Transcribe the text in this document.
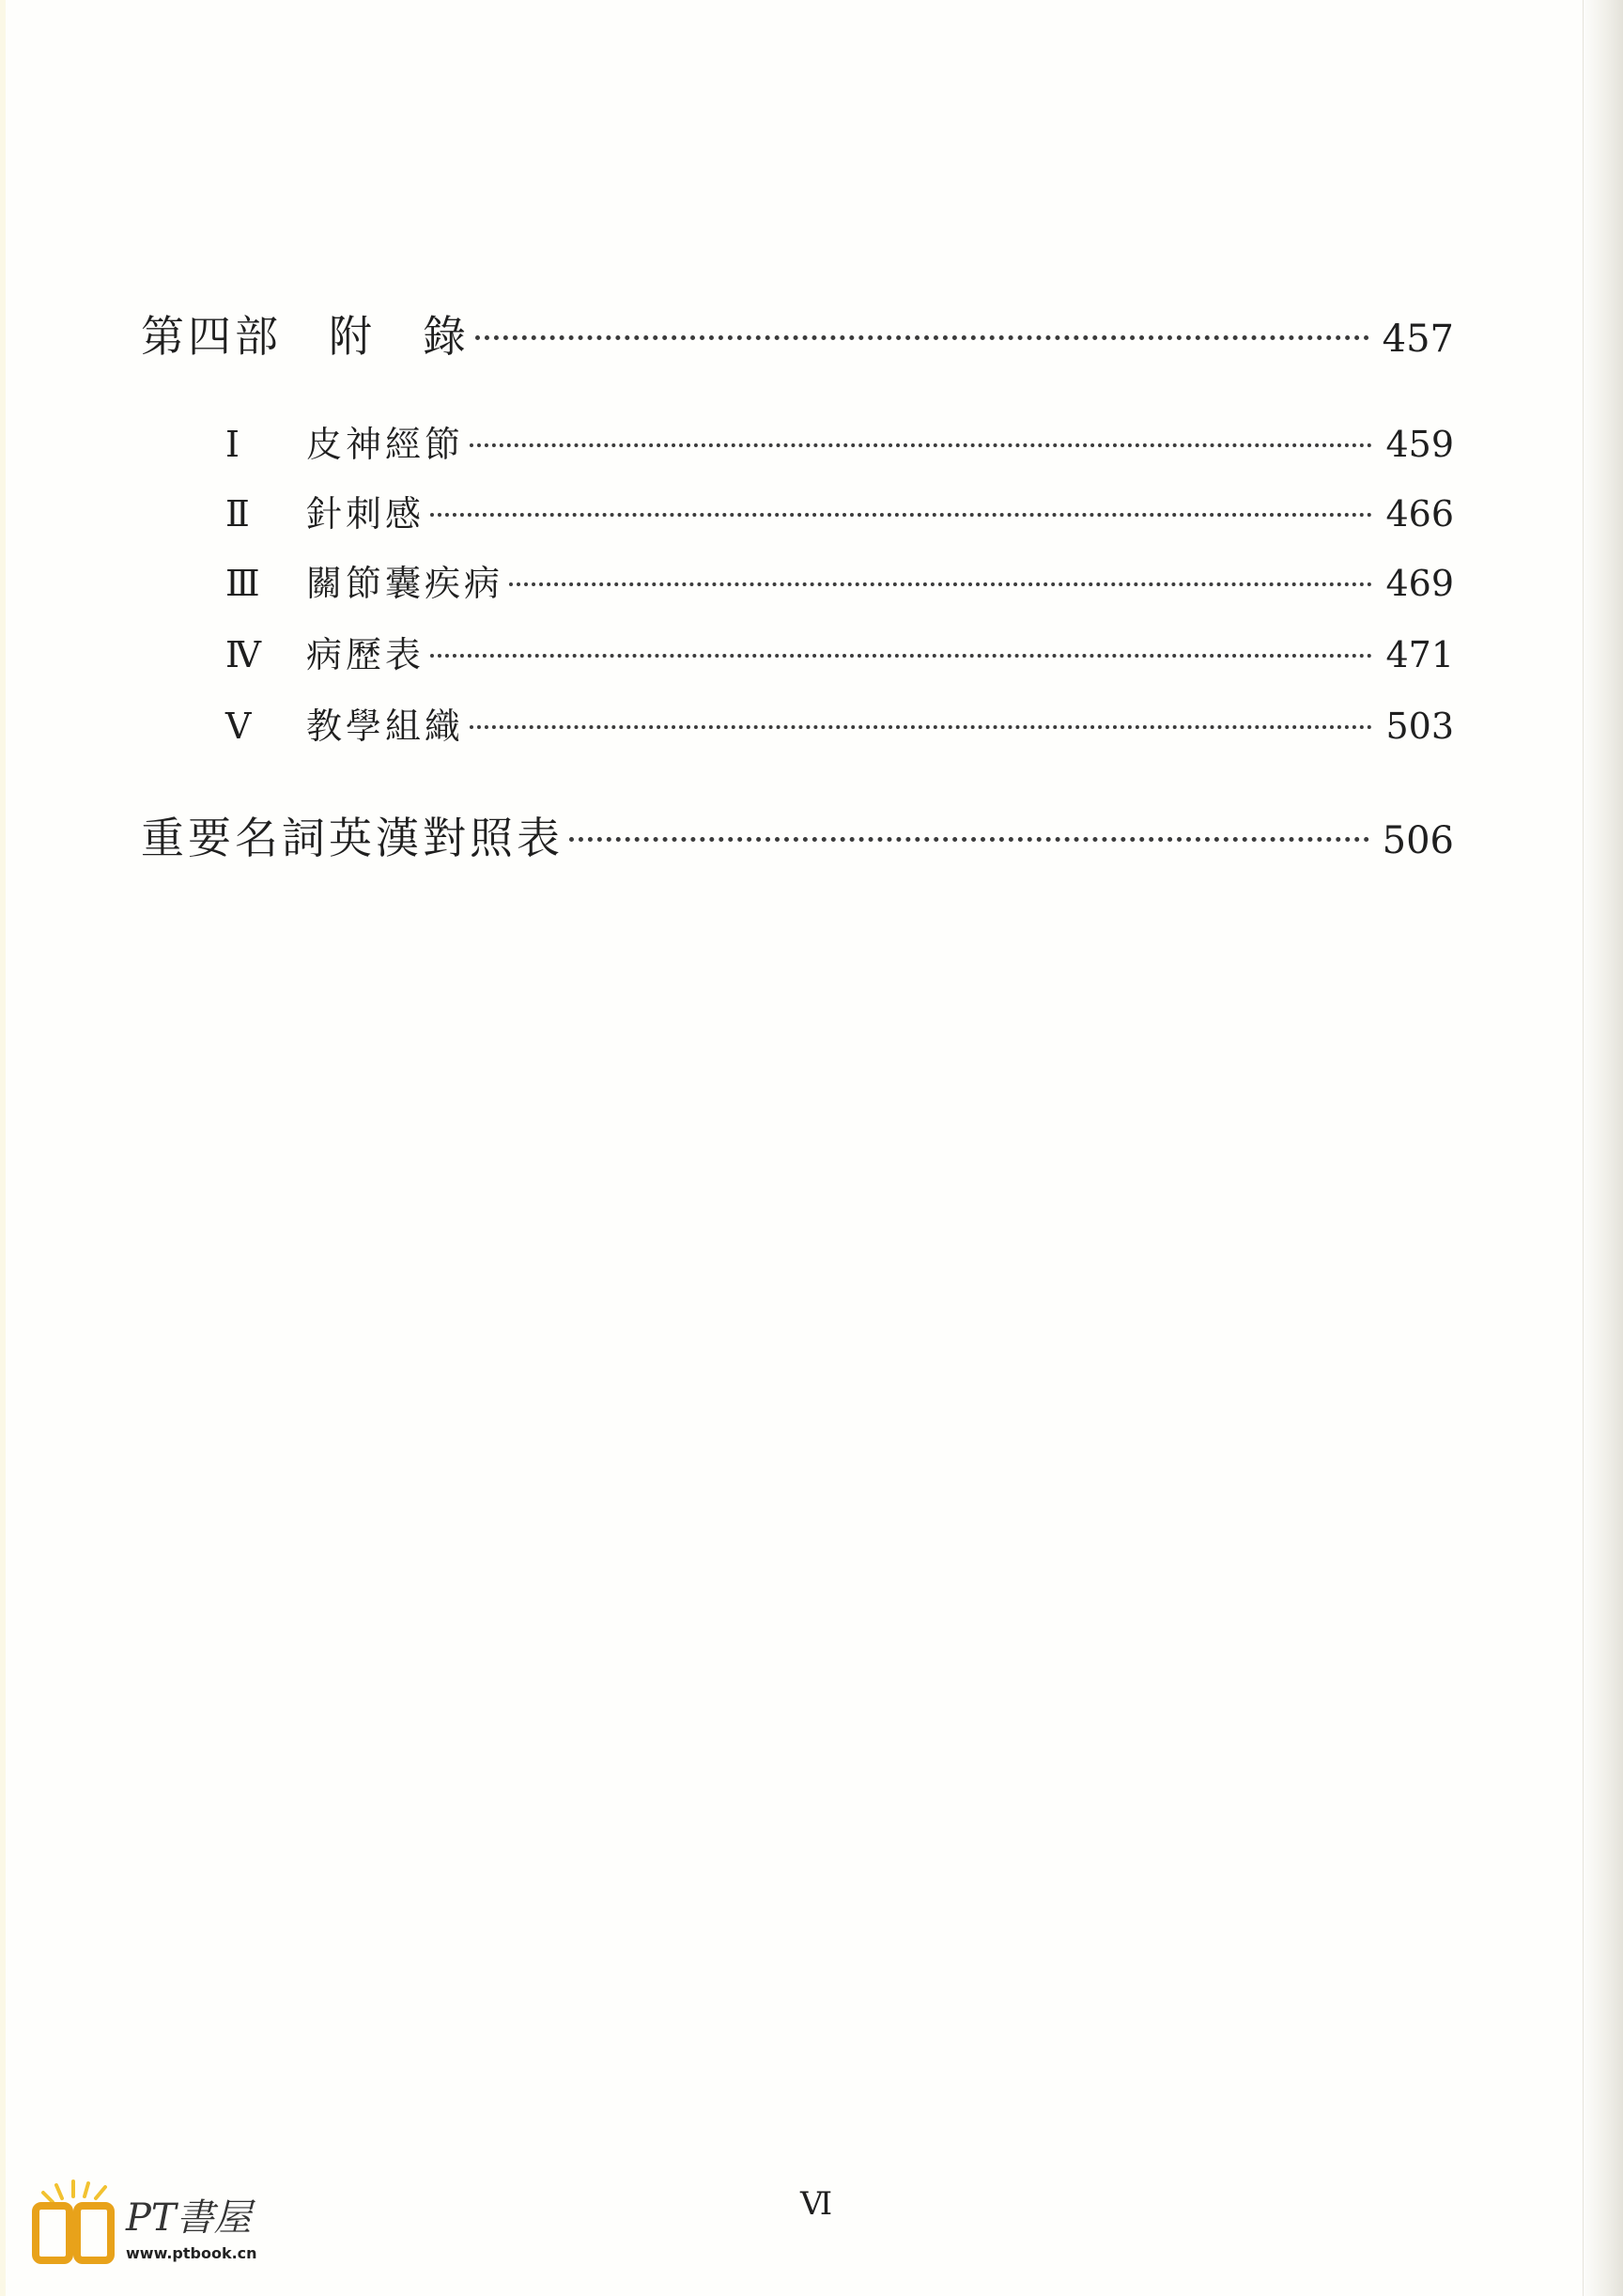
第四部　附　錄	457
Ⅰ	皮神經節	459
Ⅱ	針刺感	466
Ⅲ	關節囊疾病	469
Ⅳ	病歷表	471
Ⅴ	教學組織	503
重要名詞英漢對照表	506
Ⅵ
PT書屋
www.ptbook.cn
